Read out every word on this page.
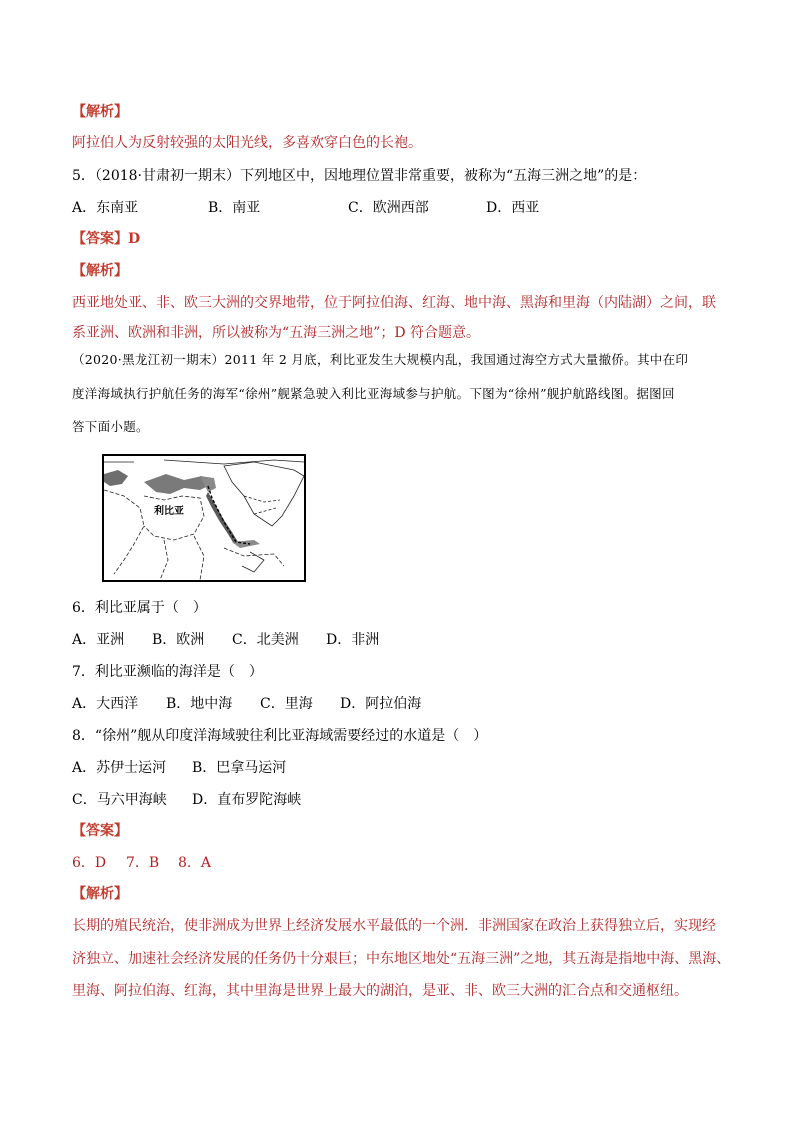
【解析】
阿拉伯人为反射较强的太阳光线，多喜欢穿白色的长袍。
5．（2018·甘肃初一期末）下列地区中，因地理位置非常重要，被称为“五海三洲之地”的是：
A．东南亚	B．南亚	C．欧洲西部	D．西亚
【答案】D
【解析】
西亚地处亚、非、欧三大洲的交界地带，位于阿拉伯海、红海、地中海、黑海和里海（内陆湖）之间，联
系亚洲、欧洲和非洲，所以被称为“五海三洲之地”；D 符合题意。
（2020·黑龙江初一期末）2011 年 2 月底，利比亚发生大规模内乱，我国通过海空方式大量撤侨。其中在印
度洋海域执行护航任务的海军“徐州”舰紧急驶入利比亚海域参与护航。下图为“徐州”舰护航路线图。据图回
答下面小题。
利比亚
6．利比亚属于（　）
A．亚洲 B．欧洲 C．北美洲 D．非洲
7．利比亚濒临的海洋是（　）
A．大西洋 B．地中海 C．里海 D．阿拉伯海
8．“徐州”舰从印度洋海域驶往利比亚海域需要经过的水道是（　）
A．苏伊士运河 B．巴拿马运河
C．马六甲海峡 D．直布罗陀海峡
【答案】
6．D 7．B 8．A
【解析】
长期的殖民统治，使非洲成为世界上经济发展水平最低的一个洲．非洲国家在政治上获得独立后，实现经
济独立、加速社会经济发展的任务仍十分艰巨；中东地区地处“五海三洲”之地，其五海是指地中海、黑海、
里海、阿拉伯海、红海，其中里海是世界上最大的湖泊，是亚、非、欧三大洲的汇合点和交通枢纽。
